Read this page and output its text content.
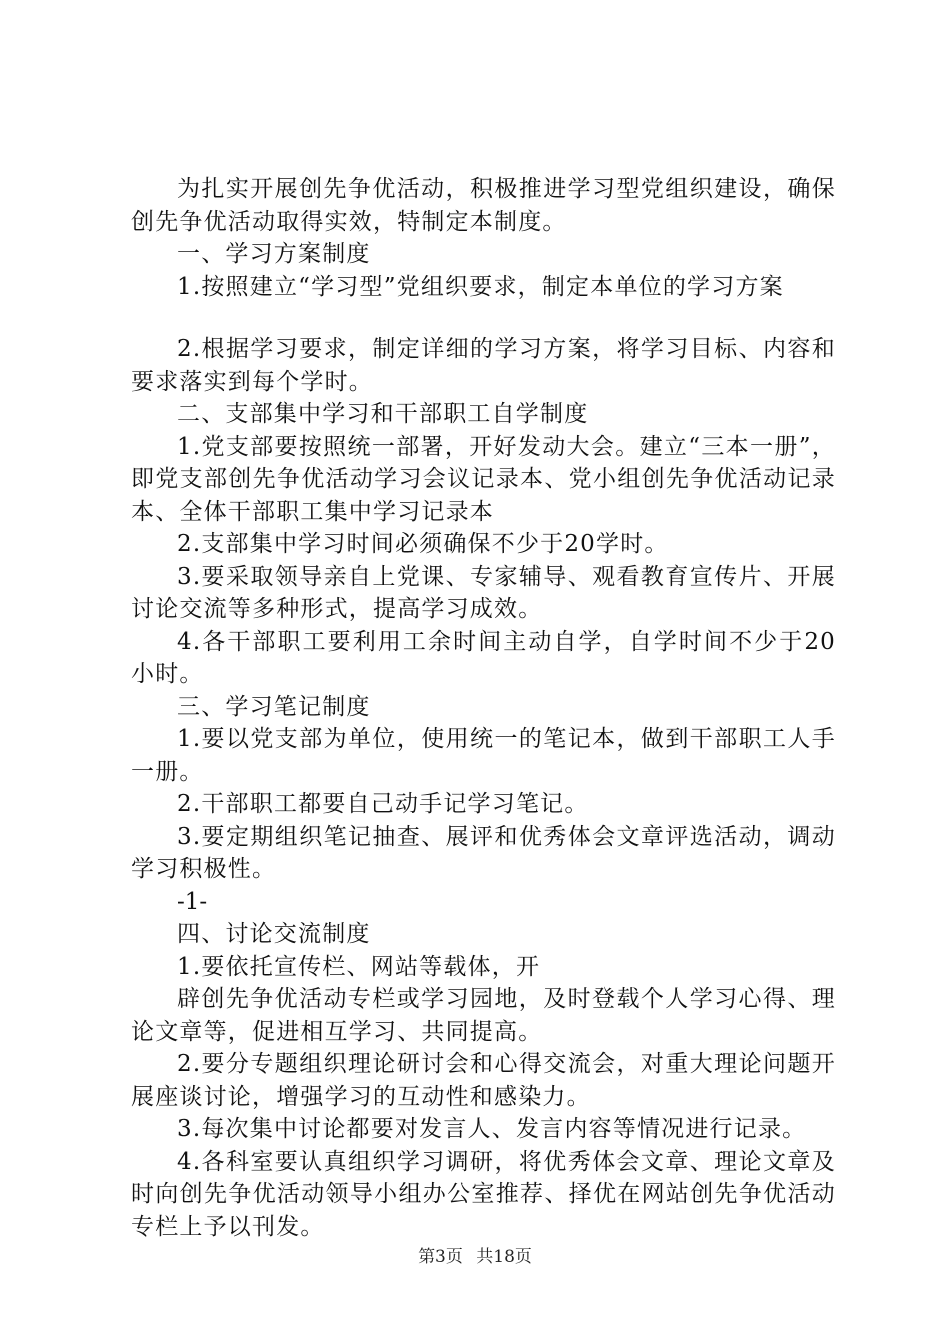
为扎实开展创先争优活动，积极推进学习型党组织建设，确保创先争优活动取得实效，特制定本制度。

一、学习方案制度

1.按照建立“学习型”党组织要求，制定本单位的学习方案

2.根据学习要求，制定详细的学习方案，将学习目标、内容和要求落实到每个学时。

二、支部集中学习和干部职工自学制度

1.党支部要按照统一部署，开好发动大会。建立“三本一册”，即党支部创先争优活动学习会议记录本、党小组创先争优活动记录本、全体干部职工集中学习记录本

2.支部集中学习时间必须确保不少于20学时。

3.要采取领导亲自上党课、专家辅导、观看教育宣传片、开展讨论交流等多种形式，提高学习成效。

4.各干部职工要利用工余时间主动自学，自学时间不少于20小时。

三、学习笔记制度

1.要以党支部为单位，使用统一的笔记本，做到干部职工人手一册。

2.干部职工都要自己动手记学习笔记。

3.要定期组织笔记抽查、展评和优秀体会文章评选活动，调动学习积极性。

-1-

四、讨论交流制度

1.要依托宣传栏、网站等载体，开

辟创先争优活动专栏或学习园地，及时登载个人学习心得、理论文章等，促进相互学习、共同提高。

2.要分专题组织理论研讨会和心得交流会，对重大理论问题开展座谈讨论，增强学习的互动性和感染力。

3.每次集中讨论都要对发言人、发言内容等情况进行记录。

4.各科室要认真组织学习调研，将优秀体会文章、理论文章及时向创先争优活动领导小组办公室推荐、择优在网站创先争优活动专栏上予以刊发。

第3页 共18页
